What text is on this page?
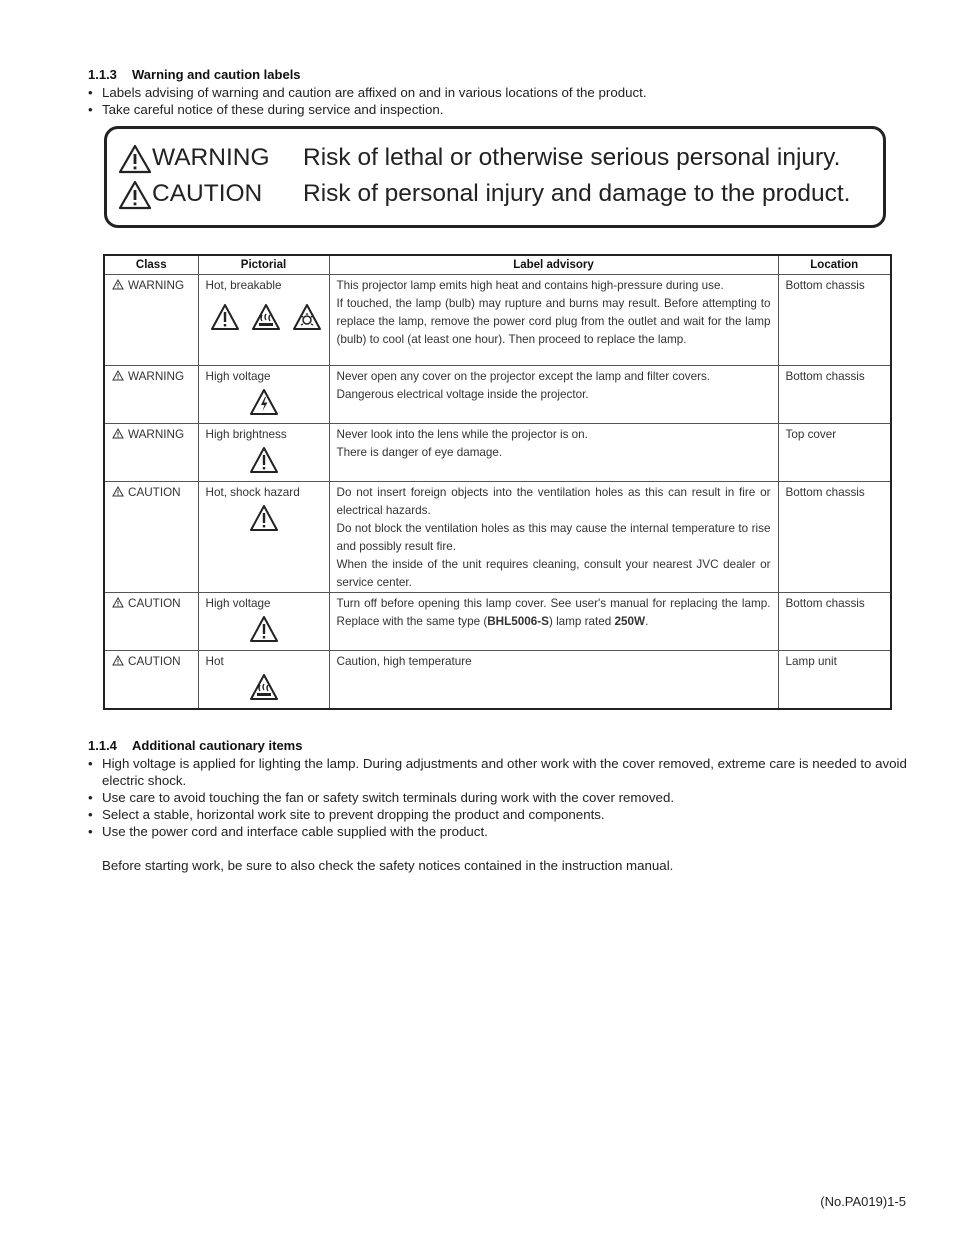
1.1.3 Warning and caution labels
• Labels advising of warning and caution are affixed on and in various locations of the product.
• Take careful notice of these during service and inspection.
WARNING Risk of lethal or otherwise serious personal injury.
CAUTION Risk of personal injury and damage to the product.
Class	Pictorial	Label advisory	Location
WARNING	Hot, breakable	This projector lamp emits high heat and contains high-pressure during use.

If touched, the lamp (bulb) may rupture and burns may result. Before attempting to replace the lamp, remove the power cord plug from the outlet and wait for the lamp (bulb) to cool (at least one hour). Then proceed to replace the lamp.	Bottom chassis
WARNING	High voltage	Never open any cover on the projector except the lamp and filter covers.

Dangerous electrical voltage inside the projector.	Bottom chassis
WARNING	High brightness	Never look into the lens while the projector is on.

There is danger of eye damage.	Top cover
CAUTION	Hot, shock hazard	Do not insert foreign objects into the ventilation holes as this can result in fire or electrical hazards.

Do not block the ventilation holes as this may cause the internal temperature to rise and possibly result fire.

When the inside of the unit requires cleaning, consult your nearest JVC dealer or service center.	Bottom chassis
CAUTION	High voltage	Turn off before opening this lamp cover. See user's manual for replacing the lamp. Replace with the same type (BHL5006-S) lamp rated 250W.	Bottom chassis
CAUTION	Hot	Caution, high temperature	Lamp unit
1.1.4 Additional cautionary items
• High voltage is applied for lighting the lamp. During adjustments and other work with the cover removed, extreme care is needed to avoid electric shock.
• Use care to avoid touching the fan or safety switch terminals during work with the cover removed.
• Select a stable, horizontal work site to prevent dropping the product and components.
• Use the power cord and interface cable supplied with the product.
Before starting work, be sure to also check the safety notices contained in the instruction manual.
(No.PA019)1-5
